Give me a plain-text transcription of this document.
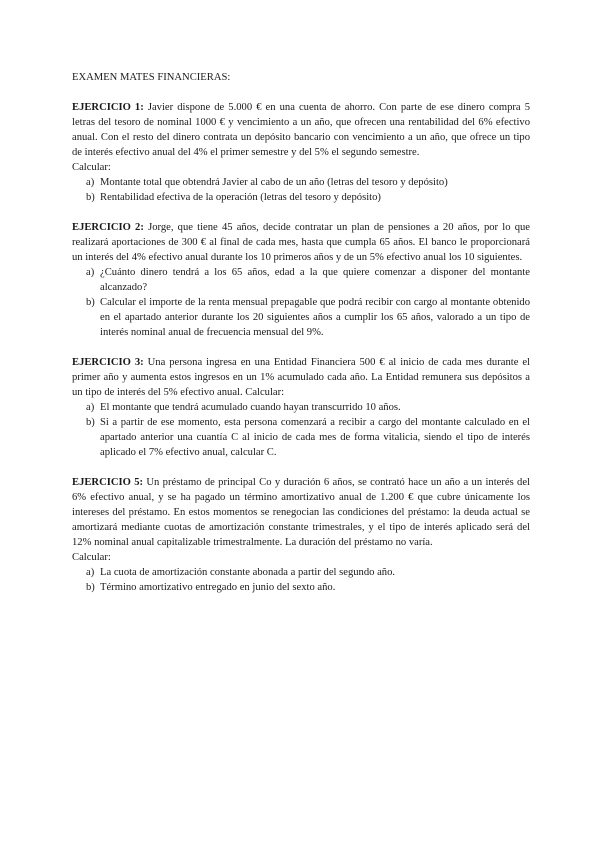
EXAMEN MATES FINANCIERAS:

EJERCICIO 1: Javier dispone de 5.000 € en una cuenta de ahorro. Con parte de ese dinero compra 5 letras del tesoro de nominal 1000 € y vencimiento a un año, que ofrecen una rentabilidad del 6% efectivo anual. Con el resto del dinero contrata un depósito bancario con vencimiento a un año, que ofrece un tipo de interés efectivo anual del 4% el primer semestre y del 5% el segundo semestre.

Calcular:

a) Montante total que obtendrá Javier al cabo de un año (letras del tesoro y depósito)
b) Rentabilidad efectiva de la operación (letras del tesoro y depósito)

EJERCICIO 2: Jorge, que tiene 45 años, decide contratar un plan de pensiones a 20 años, por lo que realizará aportaciones de 300 € al final de cada mes, hasta que cumpla 65 años. El banco le proporcionará un interés del 4% efectivo anual durante los 10 primeros años y de un 5% efectivo anual los 10 siguientes.

a) ¿Cuánto dinero tendrá a los 65 años, edad a la que quiere comenzar a disponer del montante alcanzado?
b) Calcular el importe de la renta mensual prepagable que podrá recibir con cargo al montante obtenido en el apartado anterior durante los 20 siguientes años a cumplir los 65 años, valorado a un tipo de interés nominal anual de frecuencia mensual del 9%.

EJERCICIO 3: Una persona ingresa en una Entidad Financiera 500 € al inicio de cada mes durante el primer año y aumenta estos ingresos en un 1% acumulado cada año. La Entidad remunera sus depósitos a un tipo de interés del 5% efectivo anual. Calcular:

a) El montante que tendrá acumulado cuando hayan transcurrido 10 años.
b) Si a partir de ese momento, esta persona comenzará a recibir a cargo del montante calculado en el apartado anterior una cuantía C al inicio de cada mes de forma vitalicia, siendo el tipo de interés aplicado el 7% efectivo anual, calcular C.

EJERCICIO 5: Un préstamo de principal Co y duración 6 años, se contrató hace un año a un interés del 6% efectivo anual, y se ha pagado un término amortizativo anual de 1.200 € que cubre únicamente los intereses del préstamo. En estos momentos se renegocian las condiciones del préstamo: la deuda actual se amortizará mediante cuotas de amortización constante trimestrales, y el tipo de interés aplicado será del 12% nominal anual capitalizable trimestralmente. La duración del préstamo no varía.

Calcular:

a) La cuota de amortización constante abonada a partir del segundo año.
b) Término amortizativo entregado en junio del sexto año.
